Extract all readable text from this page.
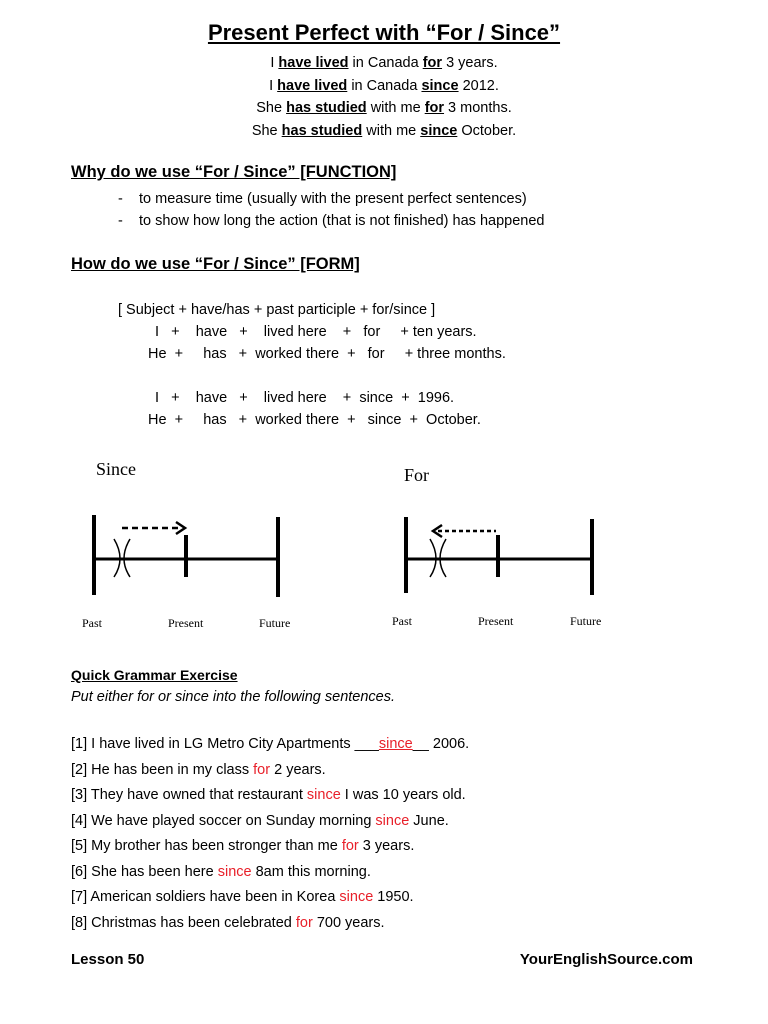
Present Perfect with “For / Since”
I have lived in Canada for 3 years.
I have lived in Canada since 2012.
She has studied with me for 3 months.
She has studied with me since October.
Why do we use “For / Since” [FUNCTION]
- to measure time (usually with the present perfect sentences)
- to show how long the action (that is not finished) has happened
How do we use “For / Since” [FORM]
[ Subject + have/has + past participle + for/since ]
I   +    have   +    lived here    +   for     + ten years.
He  +     has   +  worked there  +   for     + three months.
I   +    have   +    lived here    +  since  +  1996.
He  +     has   +  worked there  +   since  +  October.
Since
Past	Present	Future
For
Past	Present	Future
Quick Grammar Exercise
Put either for or since into the following sentences.
[1] I have lived in LG Metro City Apartments ___since__ 2006.
[2] He has been in my class for 2 years.
[3] They have owned that restaurant since I was 10 years old.
[4] We have played soccer on Sunday morning since June.
[5] My brother has been stronger than me for 3 years.
[6] She has been here since 8am this morning.
[7] American soldiers have been in Korea since 1950.
[8] Christmas has been celebrated for 700 years.
Lesson 50	YourEnglishSource.com
